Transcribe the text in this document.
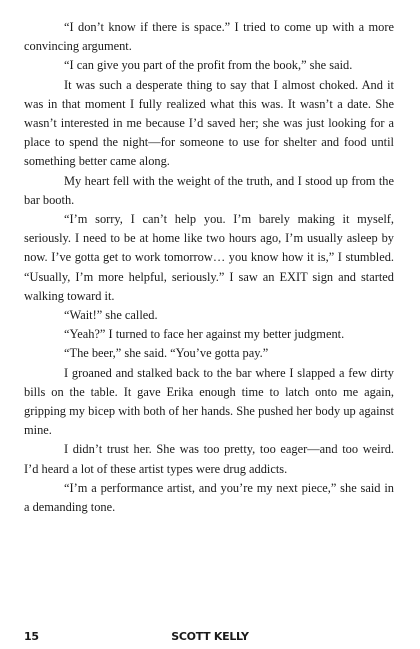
“I don’t know if there is space.” I tried to come up with a more convincing argument.

“I can give you part of the profit from the book,” she said.

It was such a desperate thing to say that I almost choked. And it was in that moment I fully realized what this was. It wasn’t a date. She wasn’t interested in me because I’d saved her; she was just looking for a place to spend the night—for someone to use for shelter and food until something better came along.

My heart fell with the weight of the truth, and I stood up from the bar booth.

“I’m sorry, I can’t help you. I’m barely making it myself, seriously. I need to be at home like two hours ago, I’m usually asleep by now. I’ve gotta get to work tomorrow… you know how it is,” I stumbled. “Usually, I’m more helpful, seriously.” I saw an EXIT sign and started walking toward it.

“Wait!” she called.

“Yeah?” I turned to face her against my better judgment.

“The beer,” she said. “You’ve gotta pay.”

I groaned and stalked back to the bar where I slapped a few dirty bills on the table. It gave Erika enough time to latch onto me again, gripping my bicep with both of her hands. She pushed her body up against mine.

I didn’t trust her. She was too pretty, too eager—and too weird. I’d heard a lot of these artist types were drug addicts.

“I’m a performance artist, and you’re my next piece,” she said in a demanding tone.

15	SCOTT KELLY
